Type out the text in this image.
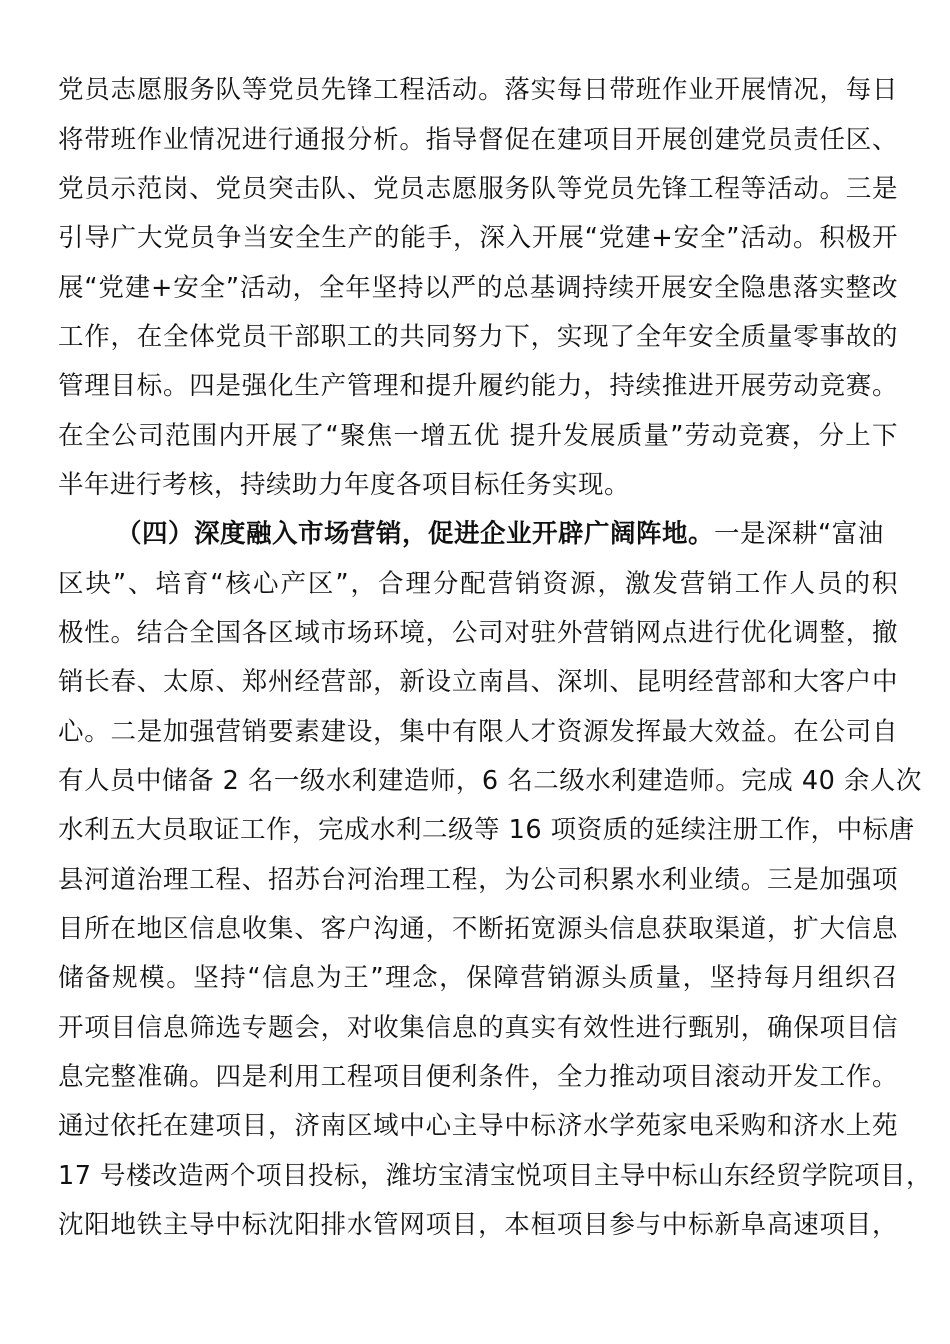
党员志愿服务队等党员先锋工程活动。落实每日带班作业开展情况，每日
将带班作业情况进行通报分析。指导督促在建项目开展创建党员责任区、
党员示范岗、党员突击队、党员志愿服务队等党员先锋工程等活动。三是
引导广大党员争当安全生产的能手，深入开展“党建+安全”活动。积极开
展“党建+安全”活动，全年坚持以严的总基调持续开展安全隐患落实整改
工作，在全体党员干部职工的共同努力下，实现了全年安全质量零事故的
管理目标。四是强化生产管理和提升履约能力，持续推进开展劳动竞赛。
在全公司范围内开展了“聚焦一增五优 提升发展质量”劳动竞赛，分上下
半年进行考核，持续助力年度各项目标任务实现。
（四）深度融入市场营销，促进企业开辟广阔阵地。一是深耕“富油
区块”、培育“核心产区”，合理分配营销资源，激发营销工作人员的积
极性。结合全国各区域市场环境，公司对驻外营销网点进行优化调整，撤
销长春、太原、郑州经营部，新设立南昌、深圳、昆明经营部和大客户中
心。二是加强营销要素建设，集中有限人才资源发挥最大效益。在公司自
有人员中储备 2 名一级水利建造师，6 名二级水利建造师。完成 40 余人次
水利五大员取证工作，完成水利二级等 16 项资质的延续注册工作，中标唐
县河道治理工程、招苏台河治理工程，为公司积累水利业绩。三是加强项
目所在地区信息收集、客户沟通，不断拓宽源头信息获取渠道，扩大信息
储备规模。坚持“信息为王”理念，保障营销源头质量，坚持每月组织召
开项目信息筛选专题会，对收集信息的真实有效性进行甄别，确保项目信
息完整准确。四是利用工程项目便利条件，全力推动项目滚动开发工作。
通过依托在建项目，济南区域中心主导中标济水学苑家电采购和济水上苑
17 号楼改造两个项目投标，潍坊宝清宝悦项目主导中标山东经贸学院项目，
沈阳地铁主导中标沈阳排水管网项目，本桓项目参与中标新阜高速项目，
